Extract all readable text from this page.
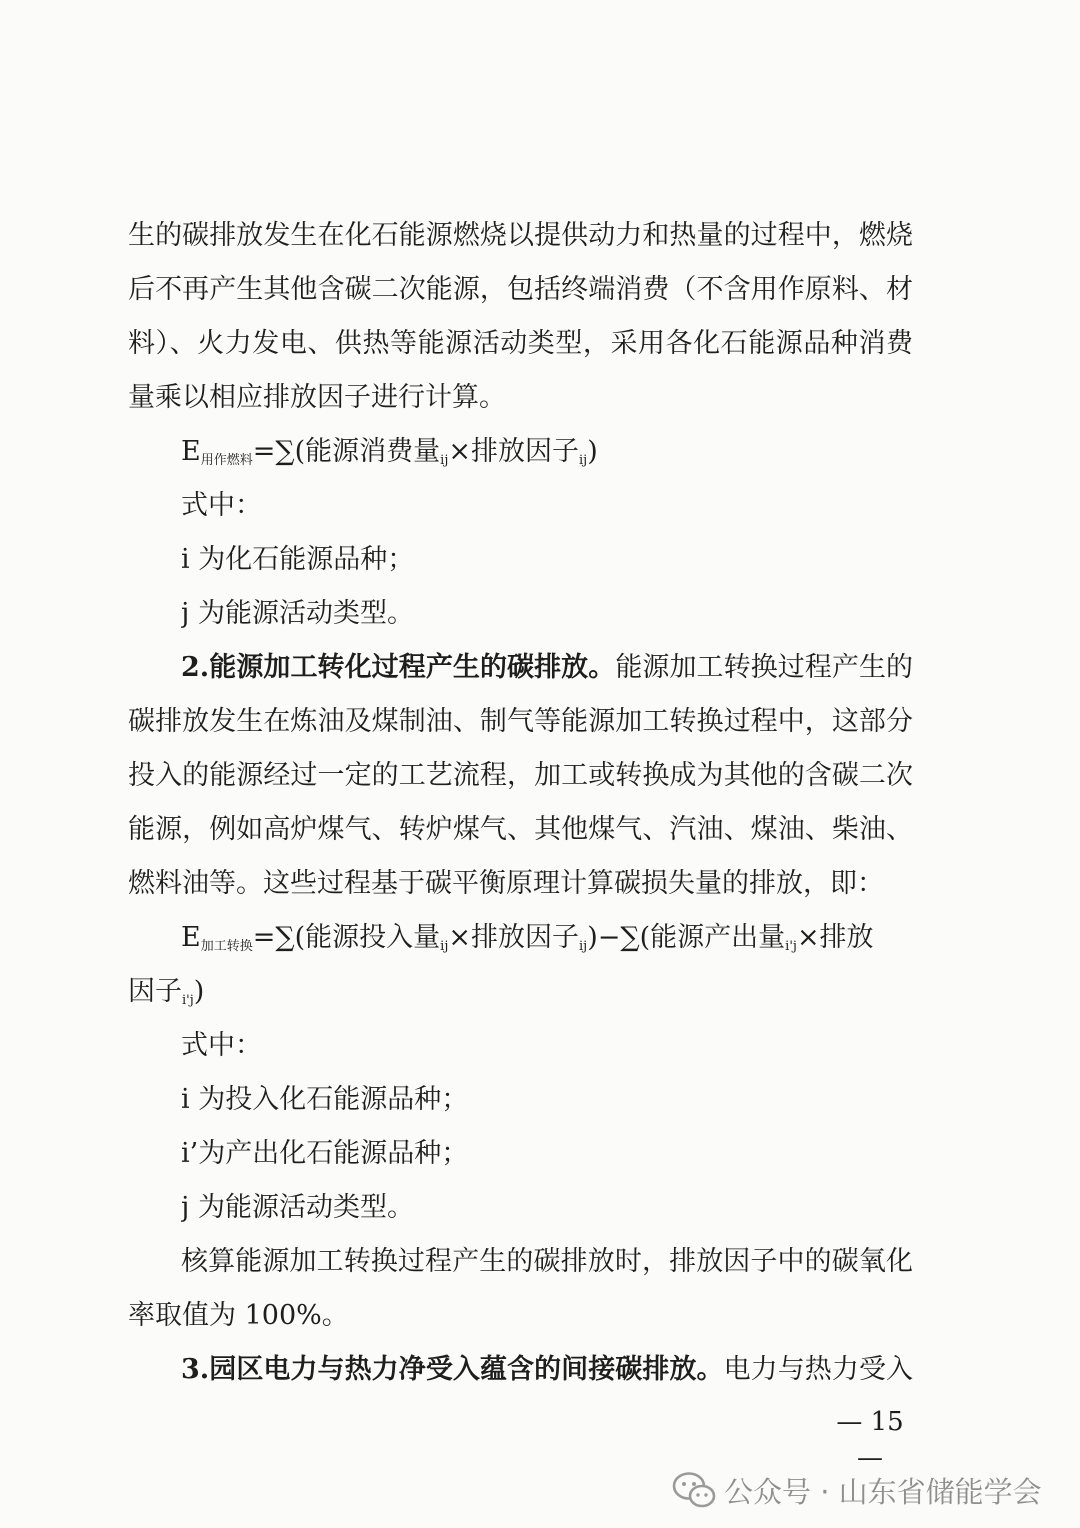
生的碳排放发生在化石能源燃烧以提供动力和热量的过程中，燃烧
后不再产生其他含碳二次能源，包括终端消费（不含用作原料、材
料）、火力发电、供热等能源活动类型，采用各化石能源品种消费
量乘以相应排放因子进行计算。
$E_{用作燃料}=\sum$(能源消费量$_{ij}$×排放因子$_{ij}$)
式中：
i 为化石能源品种；
j 为能源活动类型。
2.能源加工转化过程产生的碳排放。能源加工转换过程产生的
碳排放发生在炼油及煤制油、制气等能源加工转换过程中，这部分
投入的能源经过一定的工艺流程，加工或转换成为其他的含碳二次
能源，例如高炉煤气、转炉煤气、其他煤气、汽油、煤油、柴油、
燃料油等。这些过程基于碳平衡原理计算碳损失量的排放，即：
$E_{加工转换}=\sum$(能源投入量$_{ij}$×排放因子$_{ij}$)−∑(能源产出量$_{i'j}$×排放
因子$_{i'j}$)
式中：
i 为投入化石能源品种；
i’为产出化石能源品种；
j 为能源活动类型。
核算能源加工转换过程产生的碳排放时，排放因子中的碳氧化
率取值为 100%。
3.园区电力与热力净受入蕴含的间接碳排放。电力与热力受入
— 15 —
公众号 · 山东省储能学会
